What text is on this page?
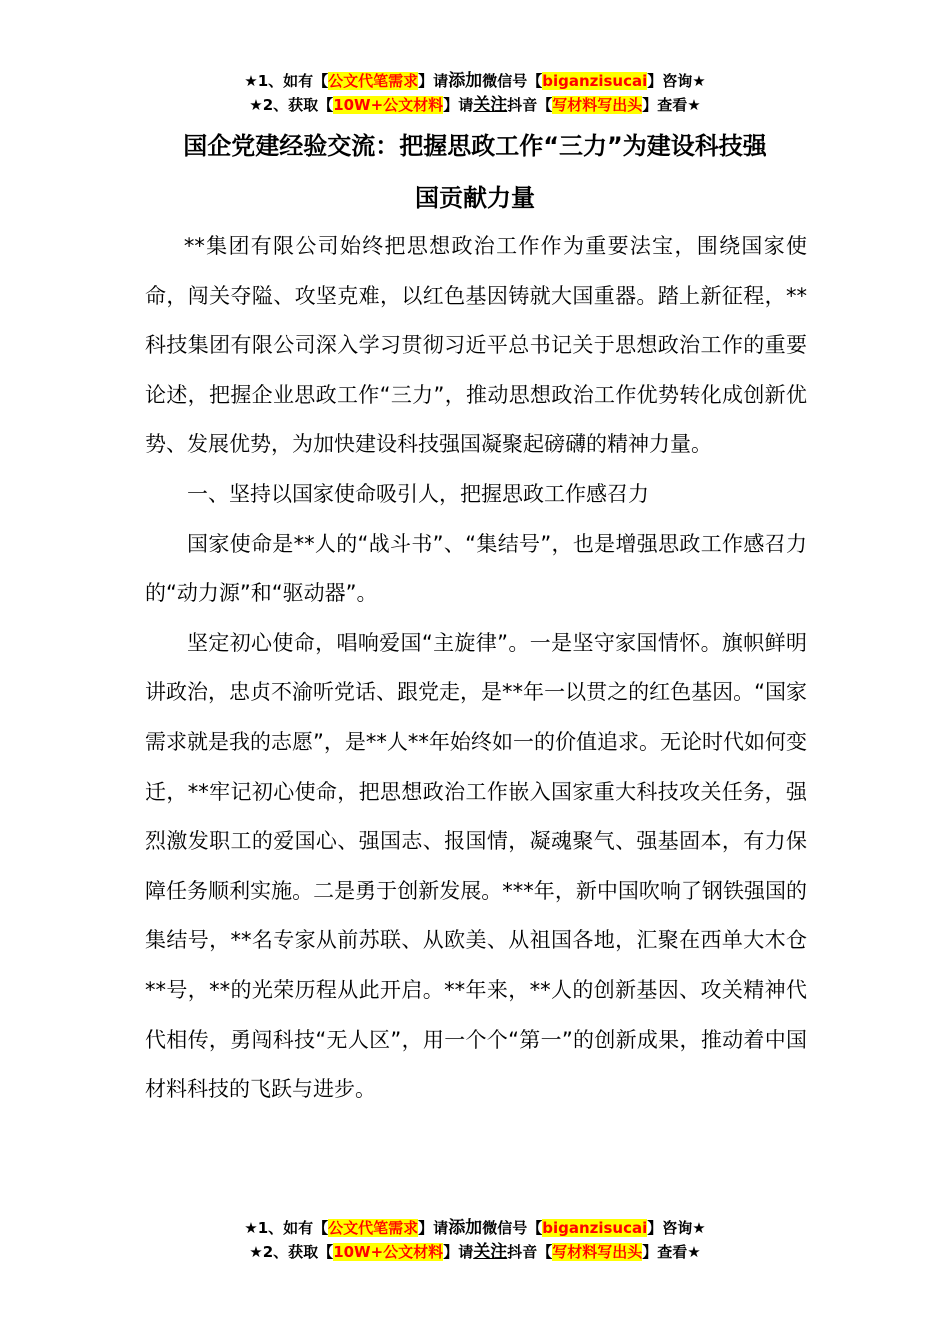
★1、如有【公文代笔需求】请添加微信号【biganzisucai】咨询★
★2、获取【10W+公文材料】请关注抖音【写材料写出头】查看★
国企党建经验交流：把握思政工作“三力”为建设科技强
国贡献力量

**集团有限公司始终把思想政治工作作为重要法宝，围绕国家使命，闯关夺隘、攻坚克难，以红色基因铸就大国重器。踏上新征程，**科技集团有限公司深入学习贯彻习近平总书记关于思想政治工作的重要论述，把握企业思政工作“三力”，推动思想政治工作优势转化成创新优势、发展优势，为加快建设科技强国凝聚起磅礴的精神力量。

一、坚持以国家使命吸引人，把握思政工作感召力

国家使命是**人的“战斗书”、“集结号”，也是增强思政工作感召力的“动力源”和“驱动器”。

坚定初心使命，唱响爱国“主旋律”。一是坚守家国情怀。旗帜鲜明讲政治，忠贞不渝听党话、跟党走，是**年一以贯之的红色基因。“国家需求就是我的志愿”，是**人**年始终如一的价值追求。无论时代如何变迁，**牢记初心使命，把思想政治工作嵌入国家重大科技攻关任务，强烈激发职工的爱国心、强国志、报国情，凝魂聚气、强基固本，有力保障任务顺利实施。二是勇于创新发展。***年，新中国吹响了钢铁强国的集结号，**名专家从前苏联、从欧美、从祖国各地，汇聚在西单大木仓**号，**的光荣历程从此开启。**年来，**人的创新基因、攻关精神代代相传，勇闯科技“无人区”，用一个个“第一”的创新成果，推动着中国材料科技的飞跃与进步。

★1、如有【公文代笔需求】请添加微信号【biganzisucai】咨询★
★2、获取【10W+公文材料】请关注抖音【写材料写出头】查看★
